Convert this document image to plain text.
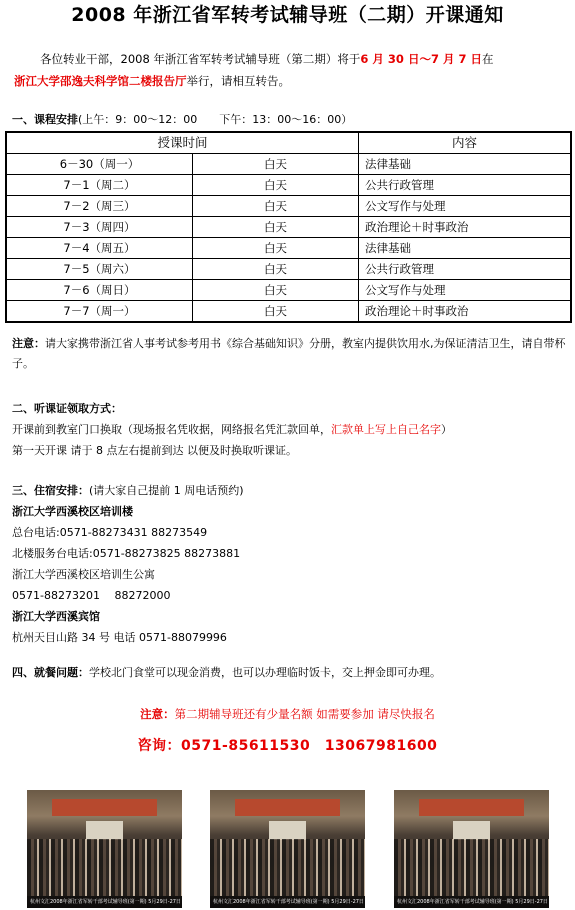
2008 年浙江省军转考试辅导班（二期）开课通知
各位转业干部，2008 年浙江省军转考试辅导班（第二期）将于6 月 30 日～7 月 7 日在
浙江大学邵逸夫科学馆二楼报告厅举行，请相互转告。
一、课程安排(上午：9：00～12：00　　下午：13：00～16：00）
授课时间		内容
6－30（周一）	白天	法律基础
7－1（周二）	白天	公共行政管理
7－2（周三）	白天	公文写作与处理
7－3（周四）	白天	政治理论＋时事政治
7－4（周五）	白天	法律基础
7－5（周六）	白天	公共行政管理
7－6（周日）	白天	公文写作与处理
7－7（周一）	白天	政治理论＋时事政治
注意：请大家携带浙江省人事考试参考用书《综合基础知识》分册，教室内提供饮用水,为保证清洁卫生，请自带杯子。
二、听课证领取方式：
开课前到教室门口换取（现场报名凭收据，网络报名凭汇款回单，汇款单上写上自己名字）
第一天开课 请于 8 点左右提前到达 以便及时换取听课证。
三、住宿安排：(请大家自己提前 1 周电话预约)
浙江大学西溪校区培训楼
总台电话:0571-88273431 88273549
北楼服务台电话:0571-88273825 88273881
浙江大学西溪校区培训生公寓
0571-88273201　 88272000
浙江大学西溪宾馆
杭州天目山路 34 号 电话 0571-88079996
四、就餐问题：学校北门食堂可以现金消费，也可以办理临时饭卡，交上押金即可办理。
注意：第二期辅导班还有少量名额 如需要参加 请尽快报名
咨询：0571-85611530　13067981600
杭州文汇2008年浙江省军转干部考试辅导班(第一期) 5月29日-27日	杭州文汇2008年浙江省军转干部考试辅导班(第一期) 5月29日-27日	杭州文汇2008年浙江省军转干部考试辅导班(第一期) 5月29日-27日
